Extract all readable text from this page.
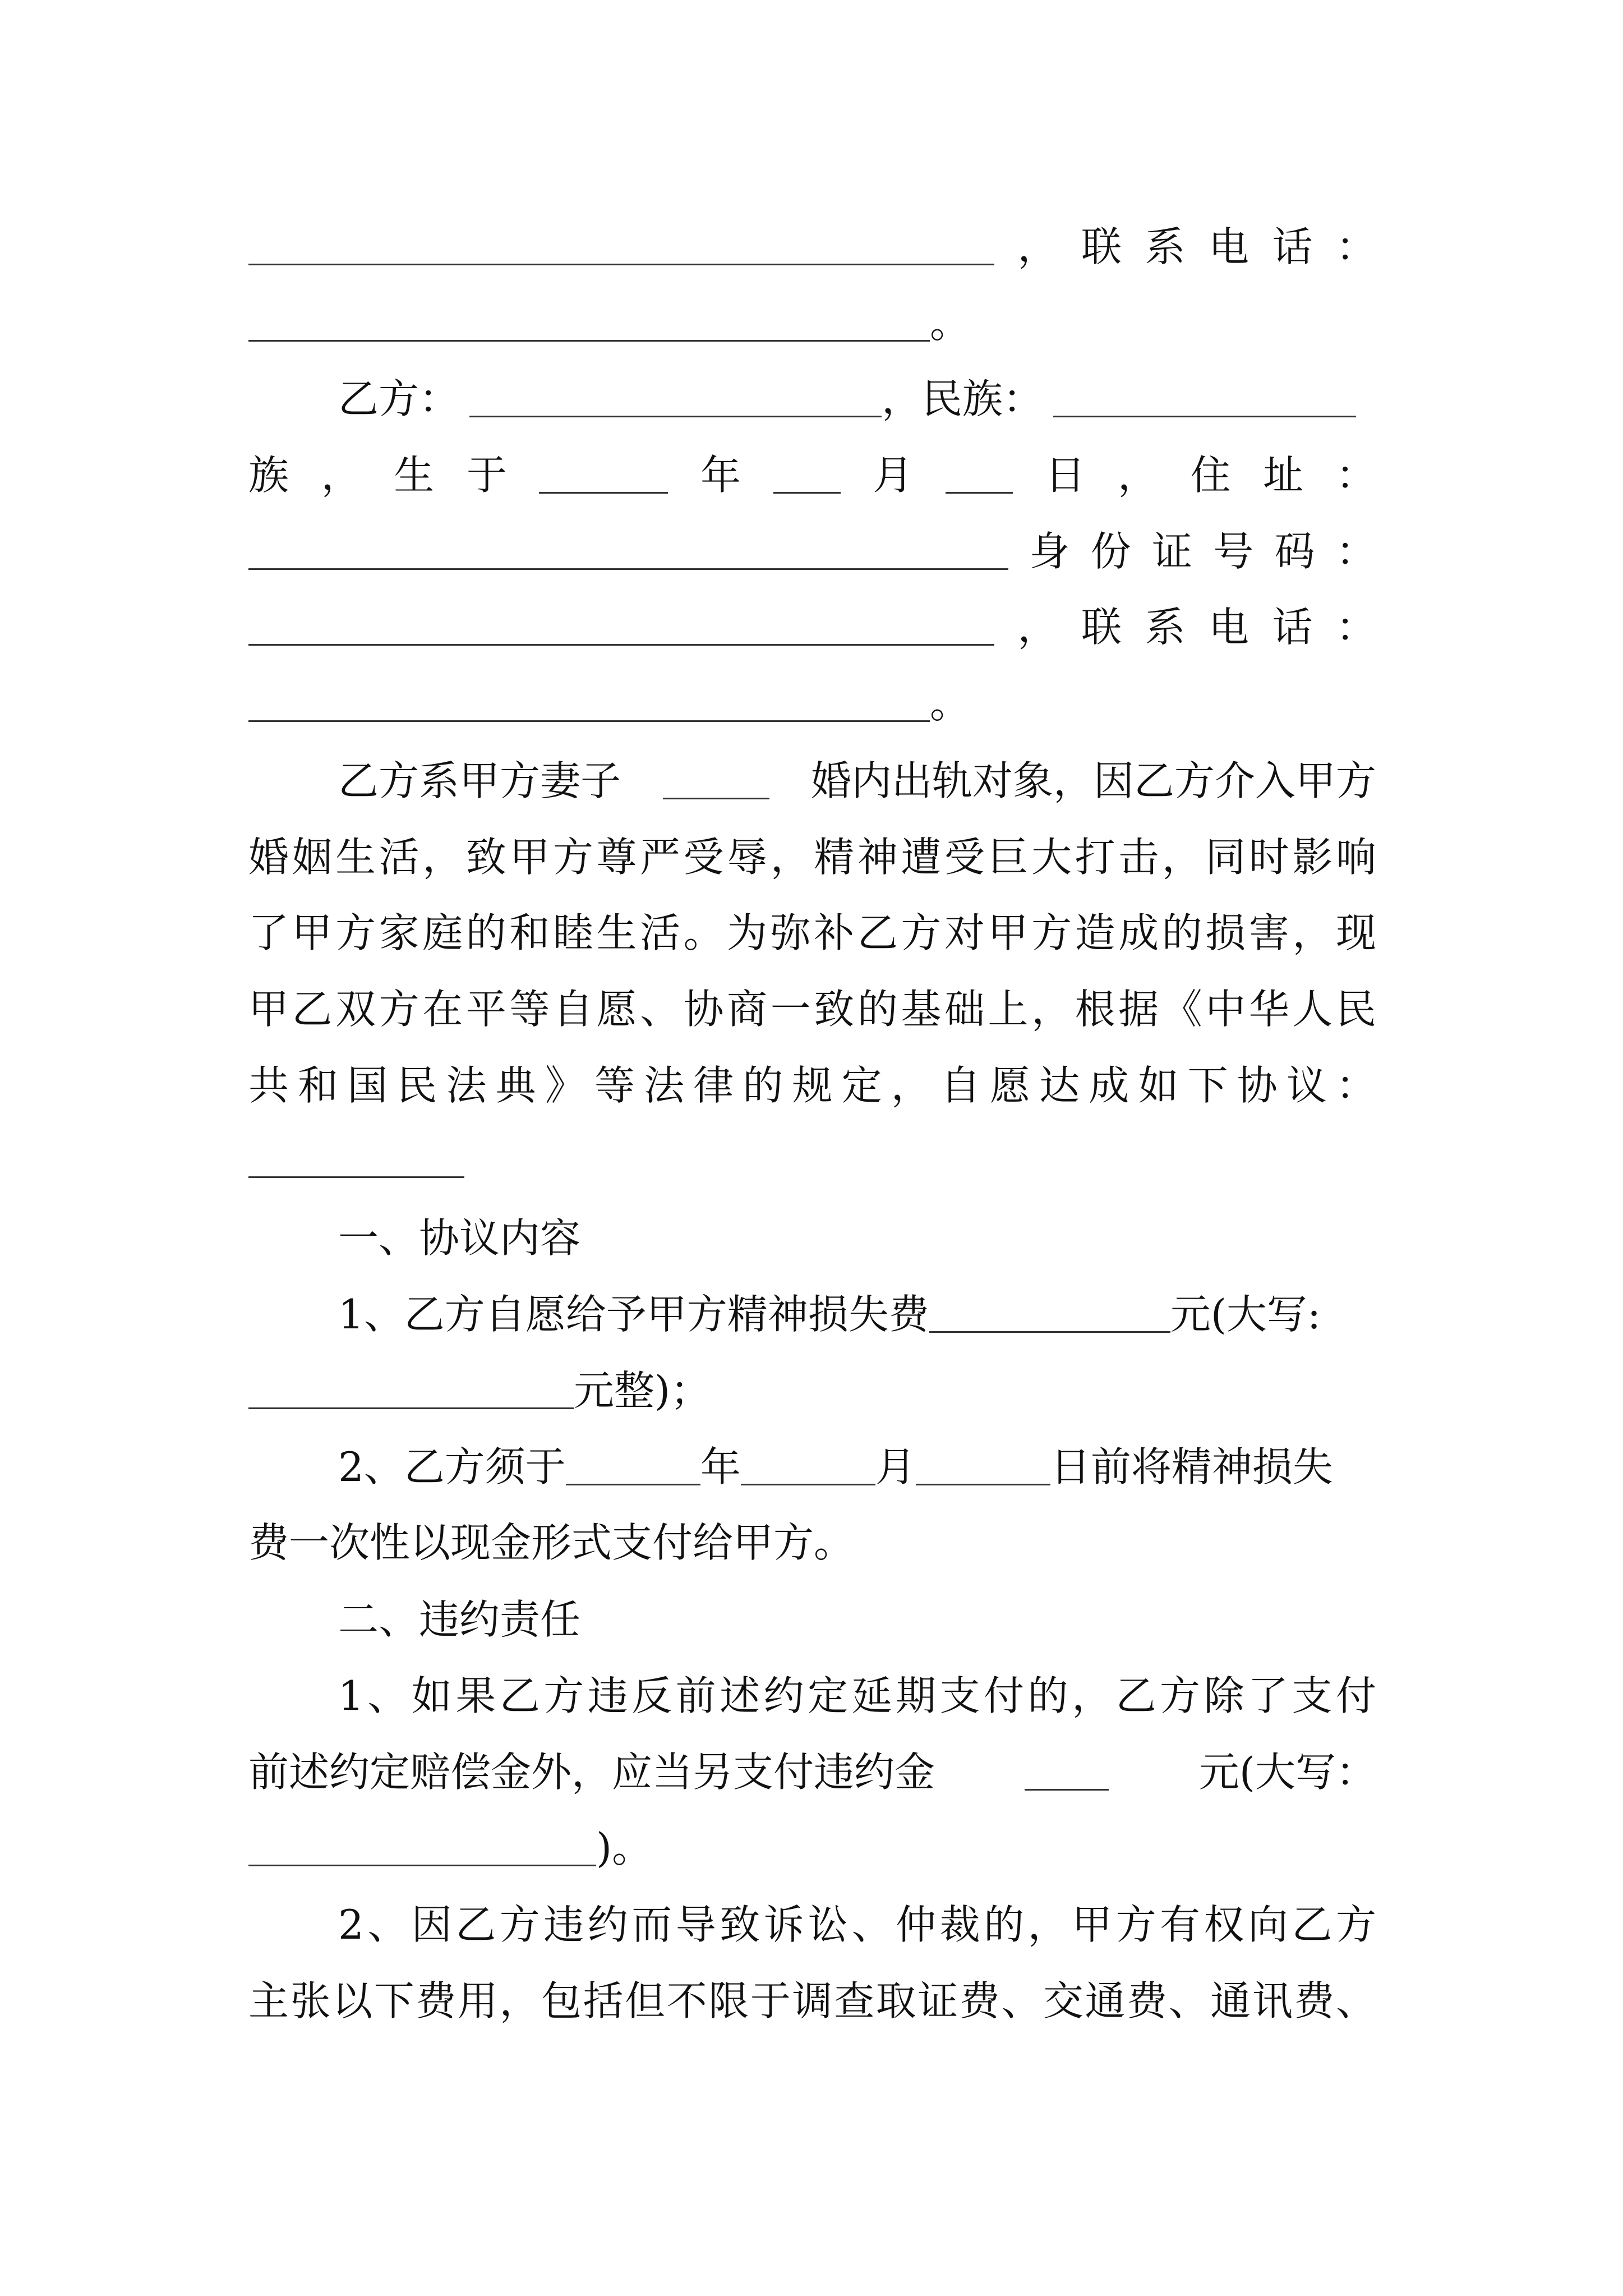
， 联 系 电 话 ：
。
乙方：	， 民族：
族 ， 生 于	年	月	日 ， 住 址 ：
身 份 证 号 码 ：
， 联 系 电 话 ：
。
乙方系甲方妻子	婚内出轨对象，因乙方介入甲方
婚姻生活，致甲方尊严受辱，精神遭受巨大打击，同时影响
了甲方家庭的和睦生活。为弥补乙方对甲方造成的损害，现
甲乙双方在平等自愿、协商一致的基础上，根据《中华人民
共和国民法典》等法律的规定，自愿达成如下协议：
一、协议内容
1、乙方自愿给予甲方精神损失费	元(大写:
元整)；
2、乙方须于	年	月	日前将精神损失
费一次性以现金形式支付给甲方。
二、违约责任
1、如果乙方违反前述约定延期支付的，乙方除了支付
前述约定赔偿金外，应当另支付违约金	元(大写：
)。
2、因乙方违约而导致诉讼、仲裁的，甲方有权向乙方
主张以下费用，包括但不限于调查取证费、交通费、通讯费、
